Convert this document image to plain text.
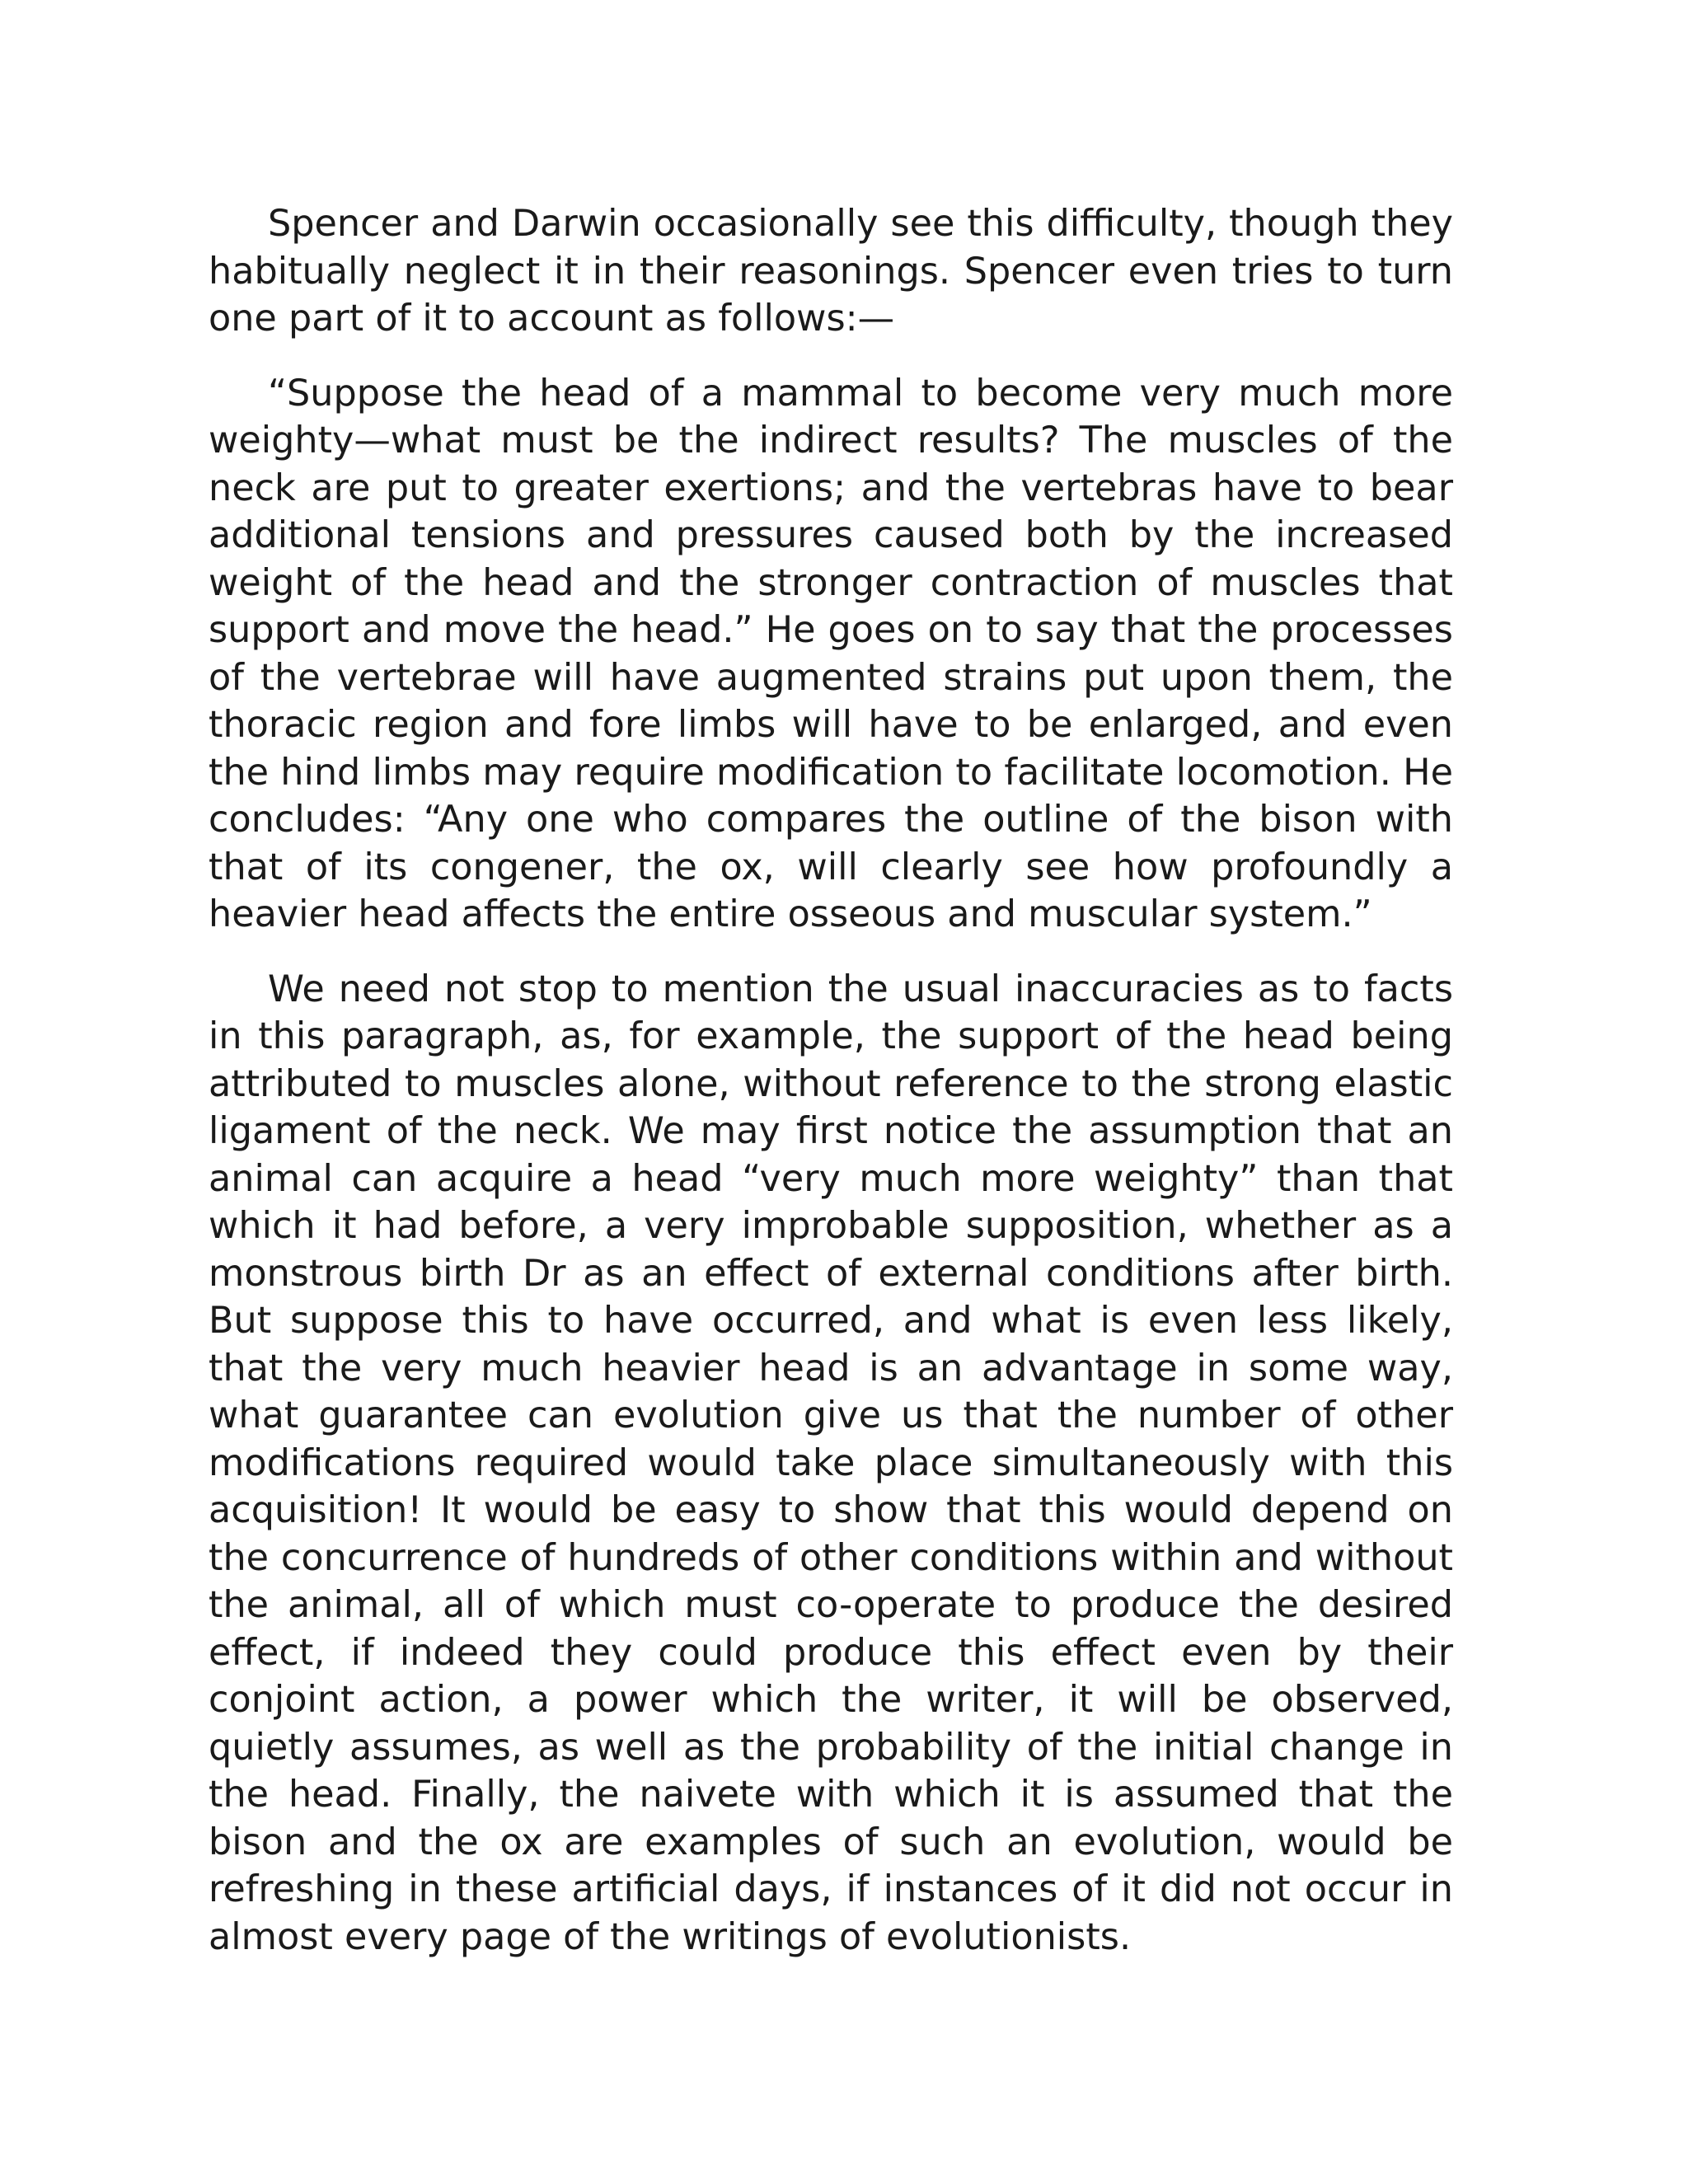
Spencer and Darwin occasionally see this difficulty, though they habitually neglect it in their reasonings. Spencer even tries to turn one part of it to account as follows:—

“Suppose the head of a mammal to become very much more weighty—what must be the indirect results? The muscles of the neck are put to greater exertions; and the vertebras have to bear additional tensions and pressures caused both by the increased weight of the head and the stronger contraction of muscles that support and move the head.” He goes on to say that the processes of the vertebrae will have augmented strains put upon them, the thoracic region and fore limbs will have to be enlarged, and even the hind limbs may require modification to facilitate locomotion. He concludes: “Any one who compares the outline of the bison with that of its congener, the ox, will clearly see how profoundly a heavier head affects the entire osseous and muscular system.”

We need not stop to mention the usual inaccuracies as to facts in this paragraph, as, for example, the support of the head being attributed to muscles alone, without reference to the strong elastic ligament of the neck. We may first notice the assumption that an animal can acquire a head “very much more weighty” than that which it had before, a very improbable supposition, whether as a monstrous birth Dr as an effect of external conditions after birth. But suppose this to have occurred, and what is even less likely, that the very much heavier head is an advantage in some way, what guarantee can evolution give us that the number of other modifications required would take place simultaneously with this acquisition! It would be easy to show that this would depend on the concurrence of hundreds of other conditions within and without the animal, all of which must co-operate to produce the desired effect, if indeed they could produce this effect even by their conjoint action, a power which the writer, it will be observed, quietly assumes, as well as the probability of the initial change in the head. Finally, the naivete with which it is assumed that the bison and the ox are examples of such an evolution, would be refreshing in these artificial days, if instances of it did not occur in almost every page of the writings of evolutionists.
